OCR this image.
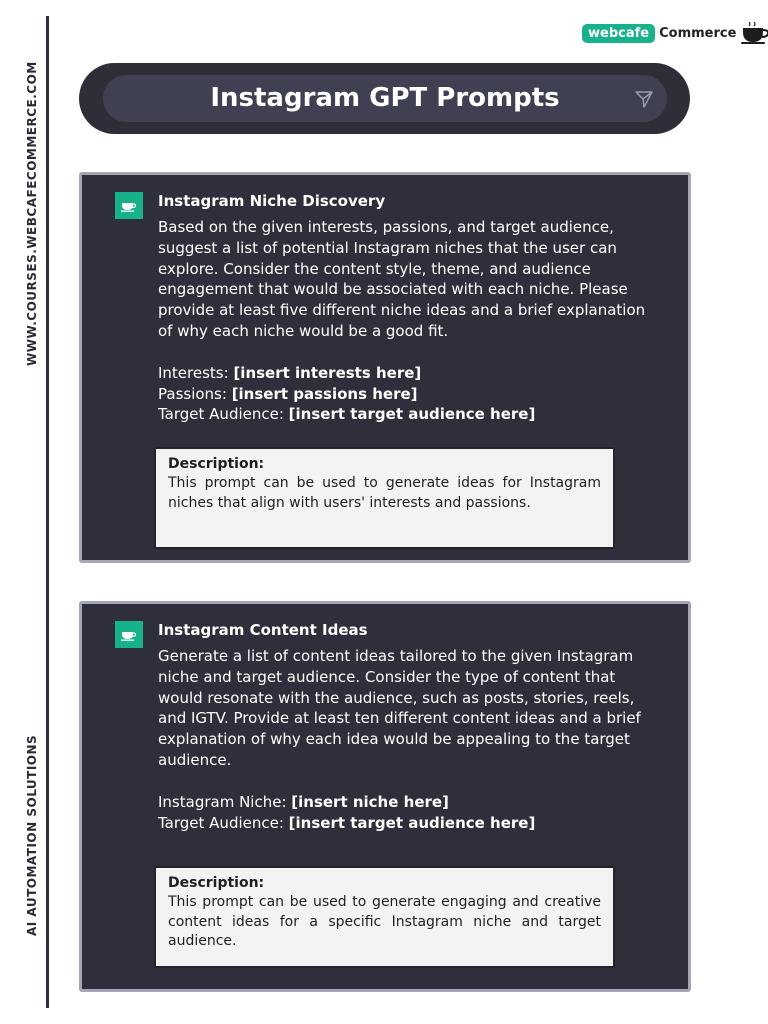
WWW.COURSES.WEBCAFECOMMERCE.COM
AI AUTOMATION SOLUTIONS
webcafe Commerce
Instagram GPT Prompts

Instagram Niche Discovery

Based on the given interests, passions, and target audience, suggest a list of potential Instagram niches that the user can explore. Consider the content style, theme, and audience engagement that would be associated with each niche. Please provide at least five different niche ideas and a brief explanation of why each niche would be a good fit.

Interests: [insert interests here]
Passions: [insert passions here]
Target Audience: [insert target audience here]

Description:

This prompt can be used to generate ideas for Instagram niches that align with users' interests and passions.

Instagram Content Ideas

Generate a list of content ideas tailored to the given Instagram niche and target audience. Consider the type of content that would resonate with the audience, such as posts, stories, reels, and IGTV. Provide at least ten different content ideas and a brief explanation of why each idea would be appealing to the target audience.

Instagram Niche: [insert niche here]
Target Audience: [insert target audience here]

Description:

This prompt can be used to generate engaging and creative content ideas for a specific Instagram niche and target audience.
